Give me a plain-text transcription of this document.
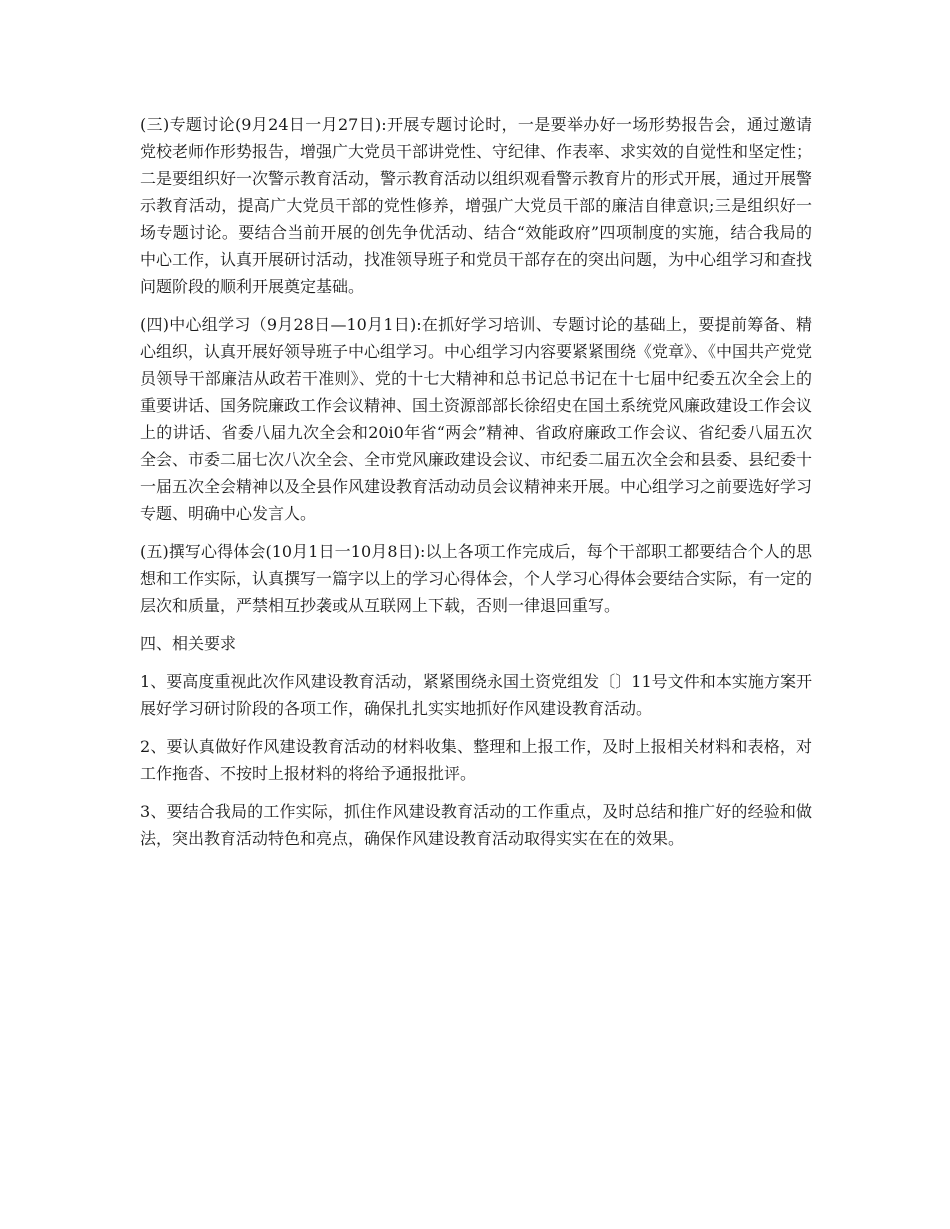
(三)专题讨论(9月24日一月27日):开展专题讨论时，一是要举办好一场形势报告会，通过邀请党校老师作形势报告，增强广大党员干部讲党性、守纪律、作表率、求实效的自觉性和坚定性；二是要组织好一次警示教育活动，警示教育活动以组织观看警示教育片的形式开展，通过开展警示教育活动，提高广大党员干部的党性修养，增强广大党员干部的廉洁自律意识;三是组织好一场专题讨论。要结合当前开展的创先争优活动、结合“效能政府”四项制度的实施，结合我局的中心工作，认真开展研讨活动，找准领导班子和党员干部存在的突出问题，为中心组学习和查找问题阶段的顺利开展奠定基础。

(四)中心组学习（9月28日—10月1日):在抓好学习培训、专题讨论的基础上，要提前筹备、精心组织，认真开展好领导班子中心组学习。中心组学习内容要紧紧围绕《党章》、《中国共产党党员领导干部廉洁从政若干准则》、党的十七大精神和总书记总书记在十七届中纪委五次全会上的重要讲话、国务院廉政工作会议精神、国土资源部部长徐绍史在国土系统党风廉政建设工作会议上的讲话、省委八届九次全会和20i0年省“两会”精神、省政府廉政工作会议、省纪委八届五次全会、市委二届七次八次全会、全市党风廉政建设会议、市纪委二届五次全会和县委、县纪委十一届五次全会精神以及全县作风建设教育活动动员会议精神来开展。中心组学习之前要选好学习专题、明确中心发言人。

(五)撰写心得体会(10月1日一10月8日):以上各项工作完成后，每个干部职工都要结合个人的思想和工作实际，认真撰写一篇字以上的学习心得体会，个人学习心得体会要结合实际，有一定的层次和质量，严禁相互抄袭或从互联网上下载，否则一律退回重写。

四、相关要求

1、要高度重视此次作风建设教育活动，紧紧围绕永国土资党组发〔〕11号文件和本实施方案开展好学习研讨阶段的各项工作，确保扎扎实实地抓好作风建设教育活动。

2、要认真做好作风建设教育活动的材料收集、整理和上报工作，及时上报相关材料和表格，对工作拖沓、不按时上报材料的将给予通报批评。

3、要结合我局的工作实际，抓住作风建设教育活动的工作重点，及时总结和推广好的经验和做法，突出教育活动特色和亮点，确保作风建设教育活动取得实实在在的效果。
